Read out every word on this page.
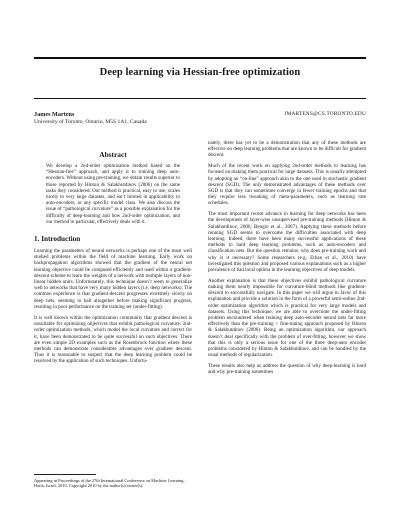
Deep learning via Hessian-free optimization
James Martens
University of Toronto, Ontario, M5S 1A1, Canada
JMARTENS@CS.TORONTO.EDU
Abstract
We develop a 2nd-order optimization method based on the “Hessian-free” approach, and apply it to training deep auto-encoders. Without using pre-training, we obtain results superior to those reported by Hinton & Salakhutdinov (2006) on the same tasks they considered. Our method is practical, easy to use, scales nicely to very large datasets, and isn’t limited in applicability to auto-encoders, or any specific model class. We also discuss the issue of “pathological curvature” as a possible explanation for the difficulty of deep-learning and how 2nd-order optimization, and our method in particular, effectively deals with it.
1. Introduction

Learning the parameters of neural networks is perhaps one of the most well studied problems within the field of machine learning. Early work on backpropagation algorithms showed that the gradient of the neural net learning objective could be computed efficiently and used within a gradient-descent scheme to learn the weights of a network with multiple layers of non-linear hidden units. Unfortunately, this technique doesn’t seem to generalize well to networks that have very many hidden layers (i.e. deep networks). The common experience is that gradient-descent progresses extremely slowly on deep nets, seeming to halt altogether before making significant progress, resulting in poor performance on the training set (under-fitting).

It is well known within the optimization community that gradient descent is unsuitable for optimizing objectives that exhibit pathological curvature. 2nd-order optimization methods, which model the local curvature and correct for it, have been demonstrated to be quite successful on such objectives. There are even simple 2D examples such as the Rosenbrock function where these methods can demonstrate considerable advantages over gradient descent. Thus it is reasonable to suspect that the deep learning problem could be resolved by the application of such techniques. Unfortu-

nately, there has yet to be a demonstration that any of these methods are effective on deep learning problems that are known to be difficult for gradient descent.

Much of the recent work on applying 2nd-order methods to learning has focused on making them practical for large datasets. This is usually attempted by adopting an “on-line” approach akin to the one used in stochastic gradient descent (SGD). The only demonstrated advantages of these methods over SGD is that they can sometimes converge in fewer training epochs and that they require less tweaking of meta-parameters, such as learning rate schedules.

The most important recent advance in learning for deep networks has been the development of layer-wise unsupervised pre-training methods (Hinton & Salakhutdinov, 2006; Bengio et al., 2007). Applying these methods before running SGD seems to overcome the difficulties associated with deep learning. Indeed, there have been many successful applications of these methods to hard deep learning problems, such as auto-encoders and classification nets. But the question remains: why does pre-training work and why is it necessary? Some researchers (e.g. Erhan et al., 2010) have investigated this question and proposed various explanations such as a higher prevalence of bad local optima in the learning objectives of deep models.

Another explanation is that these objectives exhibit pathological curvature making them nearly impossible for curvature-blind methods like gradient-descent to successfully navigate. In this paper we will argue in favor of this explanation and provide a solution in the form of a powerful semi-online 2nd-order optimization algorithm which is practical for very large models and datasets. Using this technique, we are able to overcome the under-fitting problem encountered when training deep auto-encoder neural nets far more effectively than the pre-training + fine-tuning approach proposed by Hinton & Salakhutdinov (2006). Being an optimization algorithm, our approach doesn’t deal specifically with the problem of over-fitting, however we show that this is only a serious issue for one of the three deep-auto encoder problems considered by Hinton & Salakhutdinov, and can be handled by the usual methods of regularization.

These results also help us address the question of why deep-learning is hard and why pre-training sometimes

Appearing in Proceedings of the 27th International Conference on Machine Learning, Haifa, Israel, 2010. Copyright 2010 by the author(s)/owner(s).
